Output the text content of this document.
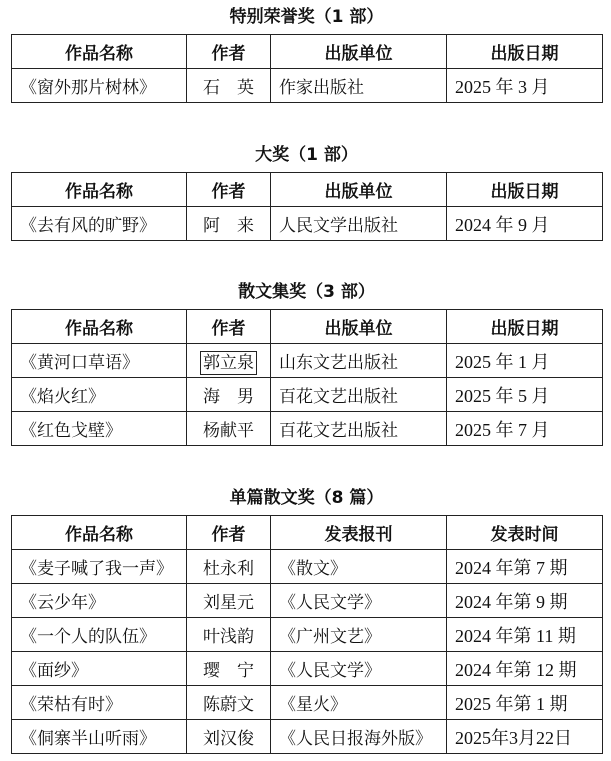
特别荣誉奖（1 部）
作品名称	作者	出版单位	出版日期
《窗外那片树林》	石　英	作家出版社	2025 年 3 月
大奖（1 部）
作品名称	作者	出版单位	出版日期
《去有风的旷野》	阿　来	人民文学出版社	2024 年 9 月
散文集奖（3 部）
作品名称	作者	出版单位	出版日期
《黄河口草语》	郭立泉	山东文艺出版社	2025 年 1 月
《焰火红》	海　男	百花文艺出版社	2025 年 5 月
《红色戈壁》	杨献平	百花文艺出版社	2025 年 7 月
单篇散文奖（8 篇）
作品名称	作者	发表报刊	发表时间
《麦子喊了我一声》	杜永利	《散文》	2024 年第 7 期
《云少年》	刘星元	《人民文学》	2024 年第 9 期
《一个人的队伍》	叶浅韵	《广州文艺》	2024 年第 11 期
《面纱》	璎　宁	《人民文学》	2024 年第 12 期
《荣枯有时》	陈蔚文	《星火》	2025 年第 1 期
《侗寨半山听雨》	刘汉俊	《人民日报海外版》	2025年3月22日
